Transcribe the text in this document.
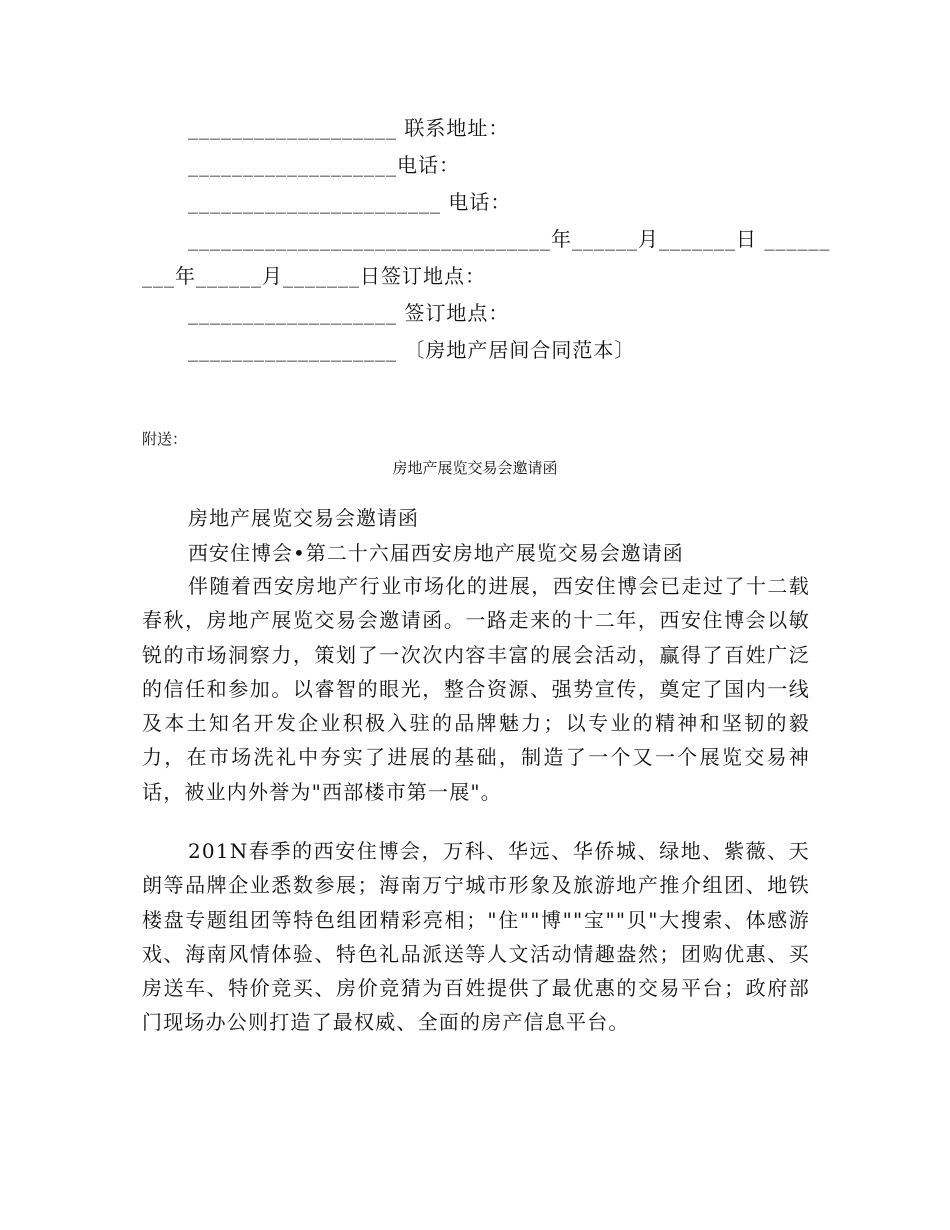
___________________ 联系地址：
___________________电话：
_______________________ 电话：
_________________________________年______月_______日 ______
___年______月_______日签订地点：
___________________ 签订地点：
___________________ 〔房地产居间合同范本〕
附送：
房地产展览交易会邀请函
房地产展览交易会邀请函
西安住博会•第二十六届西安房地产展览交易会邀请函
伴随着西安房地产行业市场化的进展，西安住博会已走过了十二载春秋，房地产展览交易会邀请函。一路走来的十二年，西安住博会以敏锐的市场洞察力，策划了一次次内容丰富的展会活动，赢得了百姓广泛的信任和参加。以睿智的眼光，整合资源、强势宣传，奠定了国内一线及本土知名开发企业积极入驻的品牌魅力；以专业的精神和坚韧的毅力，在市场洗礼中夯实了进展的基础，制造了一个又一个展览交易神话，被业内外誉为"西部楼市第一展"。
201N春季的西安住博会，万科、华远、华侨城、绿地、紫薇、天朗等品牌企业悉数参展；海南万宁城市形象及旅游地产推介组团、地铁楼盘专题组团等特色组团精彩亮相；"住""博""宝""贝"大搜索、体感游戏、海南风情体验、特色礼品派送等人文活动情趣盎然；团购优惠、买房送车、特价竞买、房价竞猜为百姓提供了最优惠的交易平台；政府部门现场办公则打造了最权威、全面的房产信息平台。
